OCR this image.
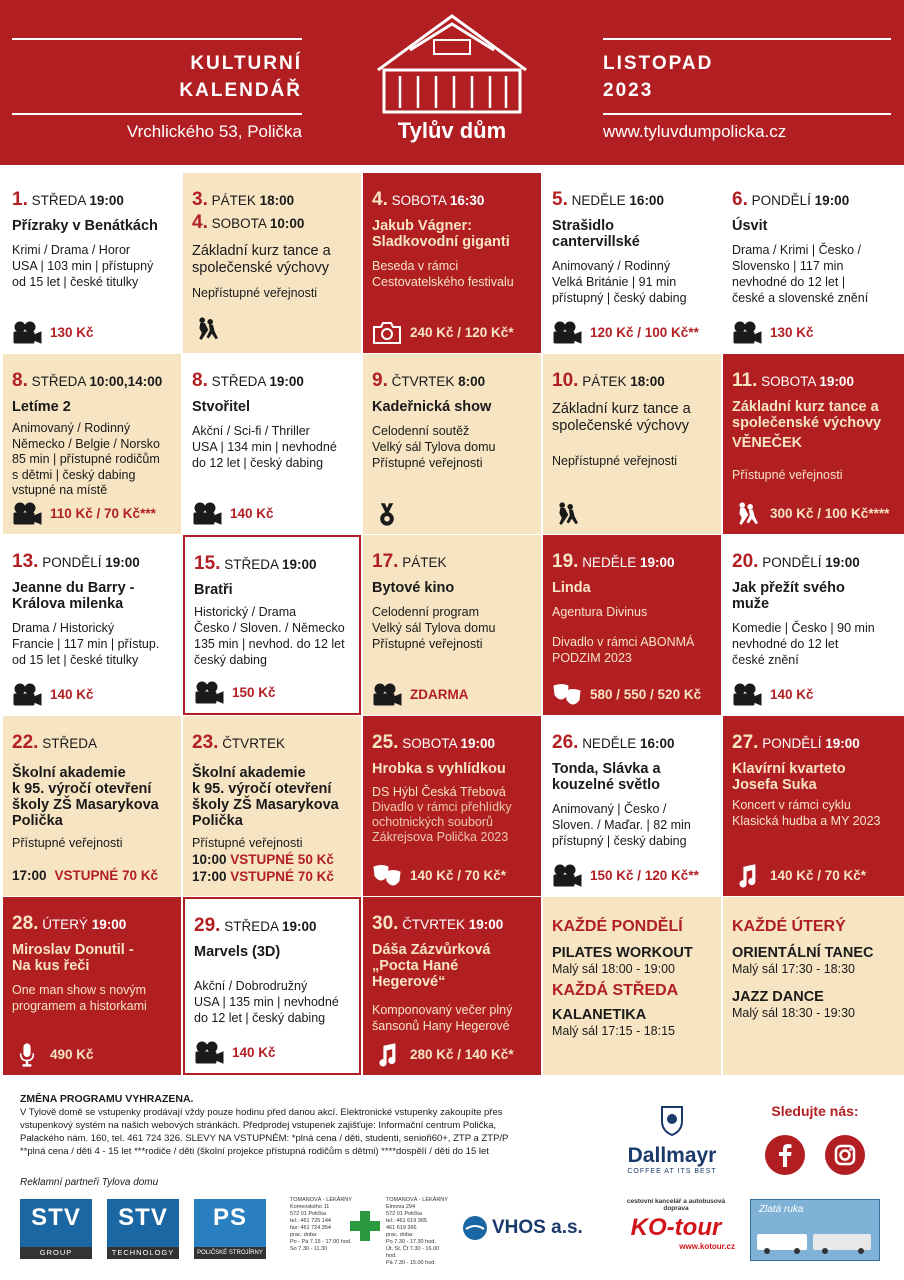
KULTURNÍ
KALENDÁŘ
Vrchlického 53, Polička	Tylův dům
LISTOPAD
2023
www.tyluvdumpolicka.cz
1. STŘEDA 19:00
Přízraky v Benátkách
Krimi / Drama / Horor
USA | 103 min | přístupný
od 15 let | české titulky
130 Kč
3. PÁTEK 18:00
4. SOBOTA 10:00
Základní kurz tance a
společenské výchovy
Nepřístupné veřejnosti
4. SOBOTA 16:30
Jakub Vágner:
Sladkovodní giganti
Beseda v rámci
Cestovatelského festivalu
240 Kč / 120 Kč*
5. NEDĚLE 16:00
Strašidlo
cantervillské
Animovaný / Rodinný
Velká Británie | 91 min
přístupný | český dabing
120 Kč / 100 Kč**
6. PONDĚLÍ 19:00
Úsvit
Drama / Krimi | Česko /
Slovensko | 117 min
nevhodné do 12 let |
české a slovenské znění
130 Kč
8. STŘEDA 10:00,14:00
Letíme 2
Animovaný / Rodinný
Německo / Belgie / Norsko
85 min | přístupné rodičům
s dětmi | český dabing
vstupné na místě
110 Kč / 70 Kč***
8. STŘEDA 19:00
Stvořitel
Akční / Sci-fi / Thriller
USA | 134 min | nevhodné
do 12 let | český dabing
140 Kč
9. ČTVRTEK 8:00
Kadeřnická show
Celodenní soutěž
Velký sál Tylova domu
Přístupné veřejnosti
10. PÁTEK 18:00
Základní kurz tance a
společenské výchovy
Nepřístupné veřejnosti
11. SOBOTA 19:00
Základní kurz tance a
společenské výchovy
VĚNEČEK
Přístupné veřejnosti
300 Kč / 100 Kč****
13. PONDĚLÍ 19:00
Jeanne du Barry -
Králova milenka
Drama / Historický
Francie | 117 min | přístup.
od 15 let | české titulky
140 Kč
15. STŘEDA 19:00
Bratři
Historický / Drama
Česko / Sloven. / Německo
135 min | nevhod. do 12 let
český dabing
150 Kč
17. PÁTEK
Bytové kino
Celodenní program
Velký sál Tylova domu
Přístupné veřejnosti
ZDARMA
19. NEDĚLE 19:00
Linda
Agentura Divinus
Divadlo v rámci ABONMÁ
PODZIM 2023
580 / 550 / 520 Kč
20. PONDĚLÍ 19:00
Jak přežít svého
muže
Komedie | Česko | 90 min
nevhodné do 12 let
české znění
140 Kč
22. STŘEDA
Školní akademie
k 95. výročí otevření
školy ZŠ Masarykova
Polička
Přístupné veřejnosti
17:00 VSTUPNÉ 70 Kč
23. ČTVRTEK
Školní akademie
k 95. výročí otevření
školy ZŠ Masarykova
Polička
Přístupné veřejnosti
10:00 VSTUPNÉ 50 Kč
17:00 VSTUPNÉ 70 Kč
25. SOBOTA 19:00
Hrobka s vyhlídkou
DS Hýbl Česká Třebová
Divadlo v rámci přehlídky
ochotnických souborů
Zákrejsova Polička 2023
140 Kč / 70 Kč*
26. NEDĚLE 16:00
Tonda, Slávka a
kouzelné světlo
Animovaný | Česko /
Sloven. / Maďar. | 82 min
přístupný | český dabing
150 Kč / 120 Kč**
27. PONDĚLÍ 19:00
Klavírní kvarteto
Josefa Suka
Koncert v rámci cyklu
Klasická hudba a MY 2023
140 Kč / 70 Kč*
28. ÚTERÝ 19:00
Miroslav Donutil -
Na kus řeči
One man show s novým
programem a historkami
490 Kč
29. STŘEDA 19:00
Marvels (3D)
Akční / Dobrodružný
USA | 135 min | nevhodné
do 12 let | český dabing
140 Kč
30. ČTVRTEK 19:00
Dáša Zázvůrková
„Pocta Hané Hegerové“
Komponovaný večer plný
šansonů Hany Hegerové
280 Kč / 140 Kč*
KAŽDÉ PONDĚLÍ
PILATES WORKOUT
Malý sál 18:00 - 19:00
KAŽDÁ STŘEDA
KALANETIKA
Malý sál 17:15 - 18:15
KAŽDÉ ÚTERÝ
ORIENTÁLNÍ TANEC
Malý sál 17:30 - 18:30
JAZZ DANCE
Malý sál 18:30 - 19:30
ZMĚNA PROGRAMU VYHRAZENA.
V Tylově domě se vstupenky prodávají vždy pouze hodinu před danou akcí. Elektronické vstupenky zakoupíte přes
vstupenkový systém na našich webových stránkách. Předprodej vstupenek zajišťuje: Informační centrum Polička,
Palackého nám. 160, tel. 461 724 326. SLEVY NA VSTUPNÉM: *plná cena / děti, studenti, senioři60+, ZTP a ZTP/P
**plná cena / děti 4 - 15 let ***rodiče / děti (školní projekce přístupná rodičům s dětmi) ****dospělí / děti do 15 let
Reklamní partneři Tylova domu
Dallmayr
COFFEE AT ITS BEST
Sledujte nás:
STV
GROUP
STV
TECHNOLOGY
PS
POLIČSKÉ STROJÍRNY
TOMANOVÁ - LÉKÁRNY
Komenského 11
572 01 Polička
tel.: 461 725 144
fax: 461 724 354
prac. doba:
Po - Pá 7.15 - 17.00 hod.
So 7.30 - 11.30
TOMANOVÁ - LÉKÁRNY
Eimova 294
572 01 Polička
tel.: 461 619 365
461 619 366
prac. doba:
Po 7.30 - 17.30 hod.
Út, St, Čt 7.30 - 16.00 hod.
Pá 7.30 - 15.00 hod.
VHOS a.s.
cestovní kancelář a autobusová doprava
KO-tour
www.kotour.cz
Zlatá ruka
